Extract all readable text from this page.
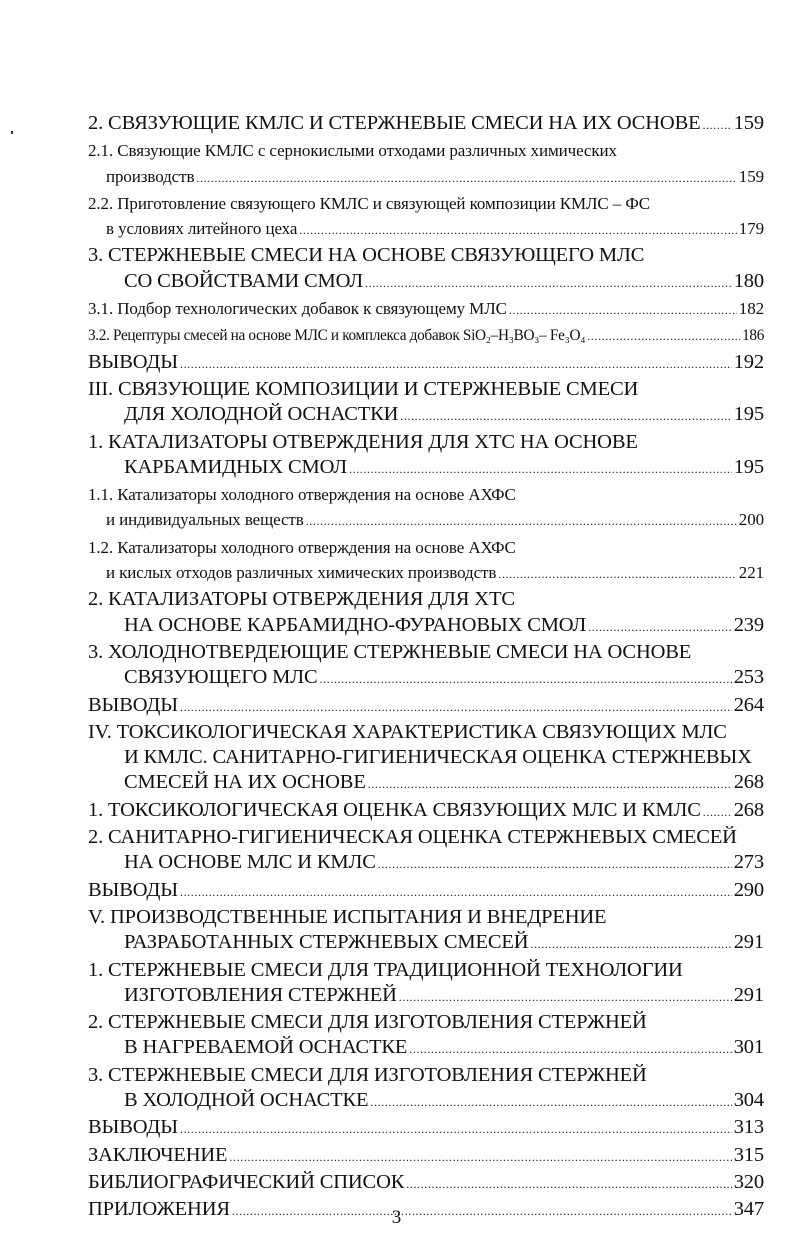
2. СВЯЗУЮЩИЕ КМЛС И СТЕРЖНЕВЫЕ СМЕСИ НА ИХ ОСНОВЕ ..... 159
2.1. Связующие КМЛС с сернокислыми отходами различных химических
производств .....	159
2.2. Приготовление связующего КМЛС и связующей композиции КМЛС – ФС
в условиях литейного цеха .....	179
3. СТЕРЖНЕВЫЕ СМЕСИ НА ОСНОВЕ СВЯЗУЮЩЕГО МЛС
СО СВОЙСТВАМИ СМОЛ .....	180
3.1. Подбор технологических добавок к связующему МЛС .....	182
3.2. Рецептуры смесей на основе МЛС и комплекса добавок SiO₂–H₃BO₃– Fe₃O₄ .....	186
ВЫВОДЫ .....	192
III. СВЯЗУЮЩИЕ КОМПОЗИЦИИ И СТЕРЖНЕВЫЕ СМЕСИ
ДЛЯ ХОЛОДНОЙ ОСНАСТКИ .....	195
1. КАТАЛИЗАТОРЫ ОТВЕРЖДЕНИЯ ДЛЯ ХТС НА ОСНОВЕ
КАРБАМИДНЫХ СМОЛ .....	195
1.1. Катализаторы холодного отверждения на основе АХФС
и индивидуальных веществ .....	200
1.2. Катализаторы холодного отверждения на основе АХФС
и кислых отходов различных химических производств .....	221
2. КАТАЛИЗАТОРЫ ОТВЕРЖДЕНИЯ ДЛЯ ХТС
НА ОСНОВЕ КАРБАМИДНО-ФУРАНОВЫХ СМОЛ .....	239
3. ХОЛОДНОТВЕРДЕЮЩИЕ СТЕРЖНЕВЫЕ СМЕСИ НА ОСНОВЕ
СВЯЗУЮЩЕГО МЛС .....	253
ВЫВОДЫ .....	264
IV. ТОКСИКОЛОГИЧЕСКАЯ ХАРАКТЕРИСТИКА СВЯЗУЮЩИХ МЛС
И КМЛС. САНИТАРНО-ГИГИЕНИЧЕСКАЯ ОЦЕНКА СТЕРЖНЕВЫХ
СМЕСЕЙ НА ИХ ОСНОВЕ .....	268
1. ТОКСИКОЛОГИЧЕСКАЯ ОЦЕНКА СВЯЗУЮЩИХ МЛС И КМЛС ..... 268
2. САНИТАРНО-ГИГИЕНИЧЕСКАЯ ОЦЕНКА СТЕРЖНЕВЫХ СМЕСЕЙ
НА ОСНОВЕ МЛС И КМЛС .....	273
ВЫВОДЫ .....	290
V. ПРОИЗВОДСТВЕННЫЕ ИСПЫТАНИЯ И ВНЕДРЕНИЕ
РАЗРАБОТАННЫХ СТЕРЖНЕВЫХ СМЕСЕЙ .....	291
1. СТЕРЖНЕВЫЕ СМЕСИ ДЛЯ ТРАДИЦИОННОЙ ТЕХНОЛОГИИ
ИЗГОТОВЛЕНИЯ СТЕРЖНЕЙ .....	291
2. СТЕРЖНЕВЫЕ СМЕСИ ДЛЯ ИЗГОТОВЛЕНИЯ СТЕРЖНЕЙ
В НАГРЕВАЕМОЙ ОСНАСТКЕ .....	301
3. СТЕРЖНЕВЫЕ СМЕСИ ДЛЯ ИЗГОТОВЛЕНИЯ СТЕРЖНЕЙ
В ХОЛОДНОЙ ОСНАСТКЕ .....	304
ВЫВОДЫ .....	313
ЗАКЛЮЧЕНИЕ .....	315
БИБЛИОГРАФИЧЕСКИЙ СПИСОК .....	320
ПРИЛОЖЕНИЯ .....	347
3
